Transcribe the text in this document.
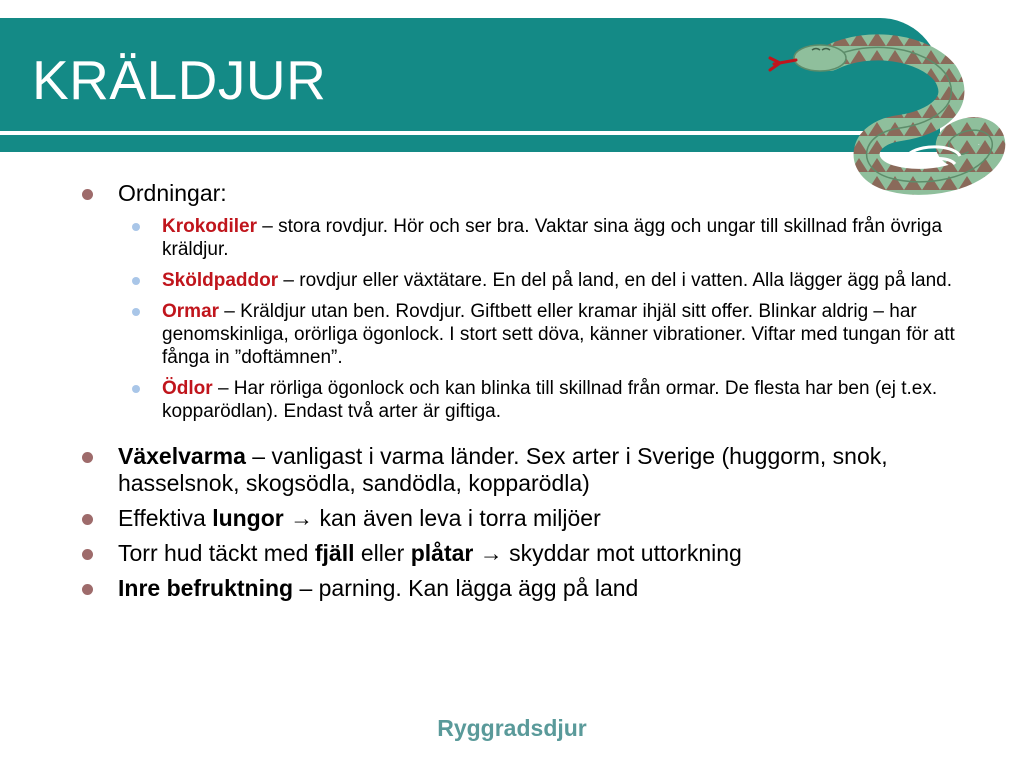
KRÄLDJUR
Ordningar:
Krokodiler – stora rovdjur. Hör och ser bra. Vaktar sina ägg och ungar till skillnad från övriga kräldjur.
Sköldpaddor – rovdjur eller växtätare. En del på land, en del i vatten. Alla lägger ägg på land.
Ormar – Kräldjur utan ben. Rovdjur. Giftbett eller kramar ihjäl sitt offer. Blinkar aldrig – har genomskinliga, orörliga ögonlock. I stort sett döva, känner vibrationer. Viftar med tungan för att fånga in ”doftämnen”.
Ödlor – Har rörliga ögonlock och kan blinka till skillnad från ormar. De flesta har ben (ej t.ex. kopparödlan). Endast två arter är giftiga.
Växelvarma – vanligast i varma länder. Sex arter i Sverige (huggorm, snok, hasselsnok, skogsödla, sandödla, kopparödla)
Effektiva lungor → kan även leva i torra miljöer
Torr hud täckt med fjäll eller plåtar → skyddar mot uttorkning
Inre befruktning – parning. Kan lägga ägg på land
Ryggradsdjur
